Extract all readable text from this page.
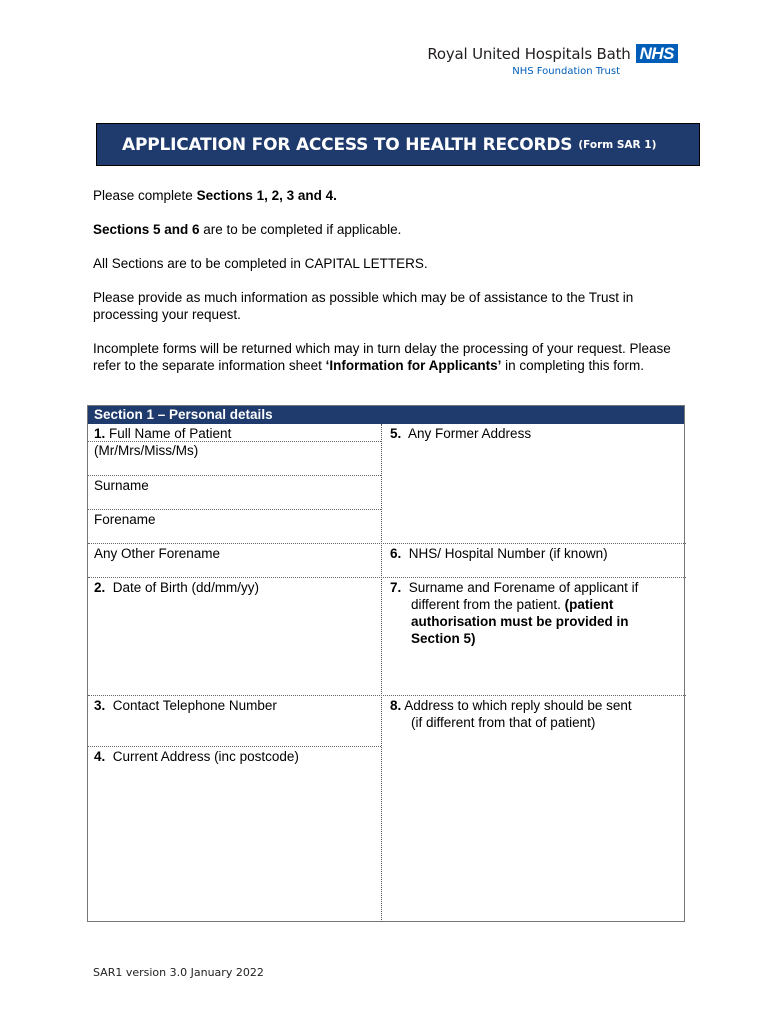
Royal United Hospitals Bath NHS
NHS Foundation Trust
APPLICATION FOR ACCESS TO HEALTH RECORDS (Form SAR 1)

Please complete Sections 1, 2, 3 and 4.

Sections 5 and 6 are to be completed if applicable.

All Sections are to be completed in CAPITAL LETTERS.

Please provide as much information as possible which may be of assistance to the Trust in processing your request.

Incomplete forms will be returned which may in turn delay the processing of your request. Please refer to the separate information sheet ‘Information for Applicants’ in completing this form.

Section 1 – Personal details
1. Full Name of Patient
(Mr/Mrs/Miss/Ms)
Surname
Forename
Any Other Forename
2.  Date of Birth (dd/mm/yy)
3.  Contact Telephone Number
4.  Current Address (inc postcode)
5.  Any Former Address
6.  NHS/ Hospital Number (if known)
7.  Surname and Forename of applicant if
different from the patient. (patient authorisation must be provided in Section 5)
8. Address to which reply should be sent
(if different from that of patient)
SAR1 version 3.0 January 2022
